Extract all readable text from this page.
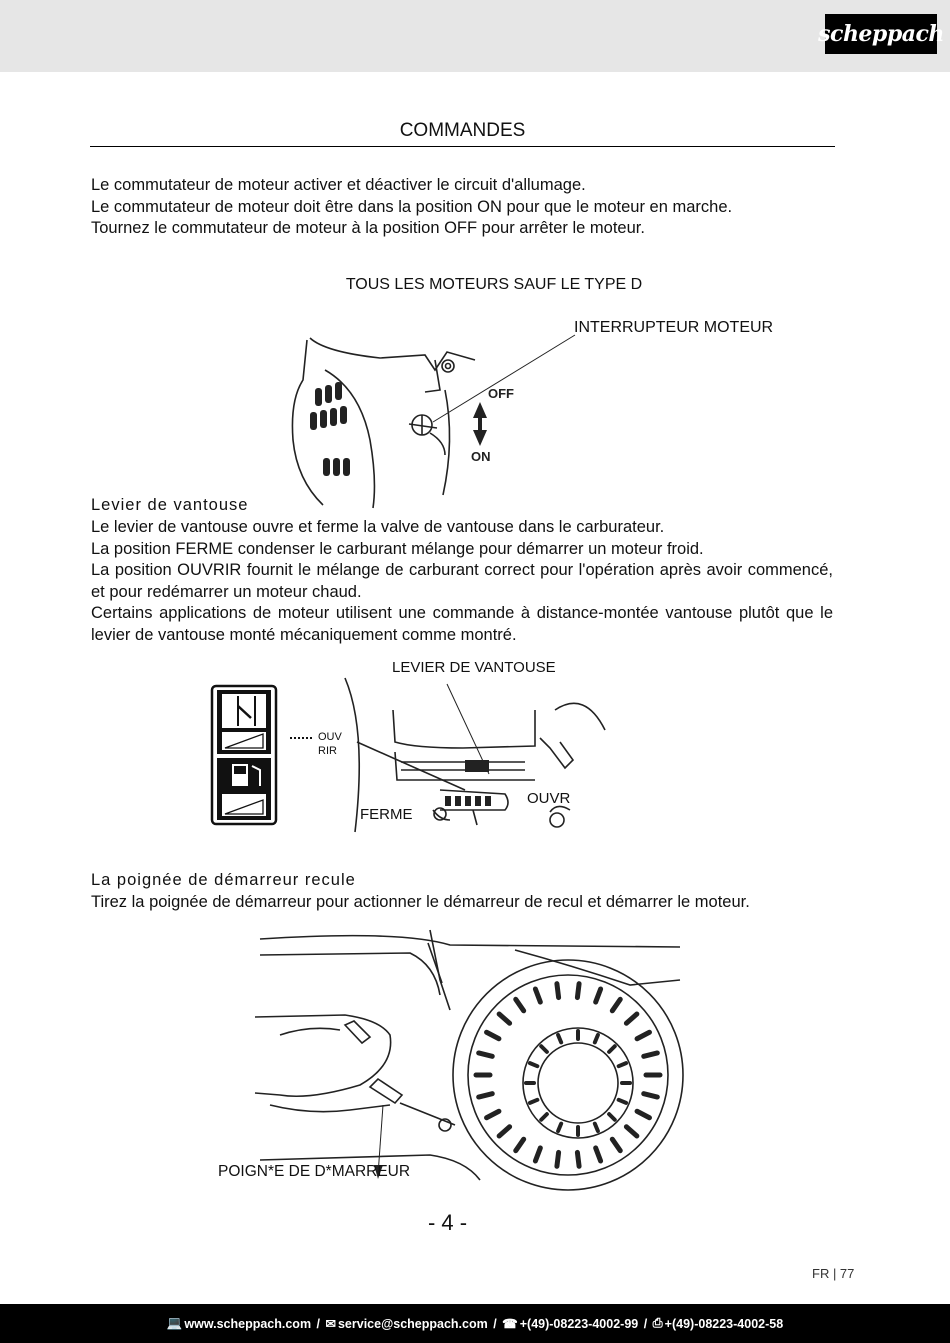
scheppach
COMMANDES

Le commutateur de moteur activer et déactiver le circuit d'allumage.

Le commutateur de moteur doit être dans la position ON pour que le moteur en marche.

Tournez le commutateur de moteur à la position OFF pour arrêter le moteur.

TOUS LES MOTEURS SAUF LE TYPE D
INTERRUPTEUR MOTEUR
OFF
ON
Levier de vantouse

Le levier de vantouse ouvre et ferme la valve de vantouse dans le carburateur.

La position FERME condenser le carburant mélange pour démarrer un moteur froid.

La position OUVRIR fournit le mélange de carburant correct pour l'opération après avoir commencé, et pour redémarrer un moteur chaud.

Certains applications de moteur utilisent une commande à distance-montée vantouse plutôt que le levier de vantouse monté mécaniquement comme montré.

LEVIER DE VANTOUSE
OUV
RIR
FERME
OUVR
La poignée de démarreur recule
Tirez la poignée de démarreur pour actionner le démarreur de recul et démarrer le moteur.
POIGN*E DE D*MARREUR
- 4 -
FR | 77
💻 www.scheppach.com / ✉ service@scheppach.com / ☎ +(49)-08223-4002-99 / ⎙ +(49)-08223-4002-58
